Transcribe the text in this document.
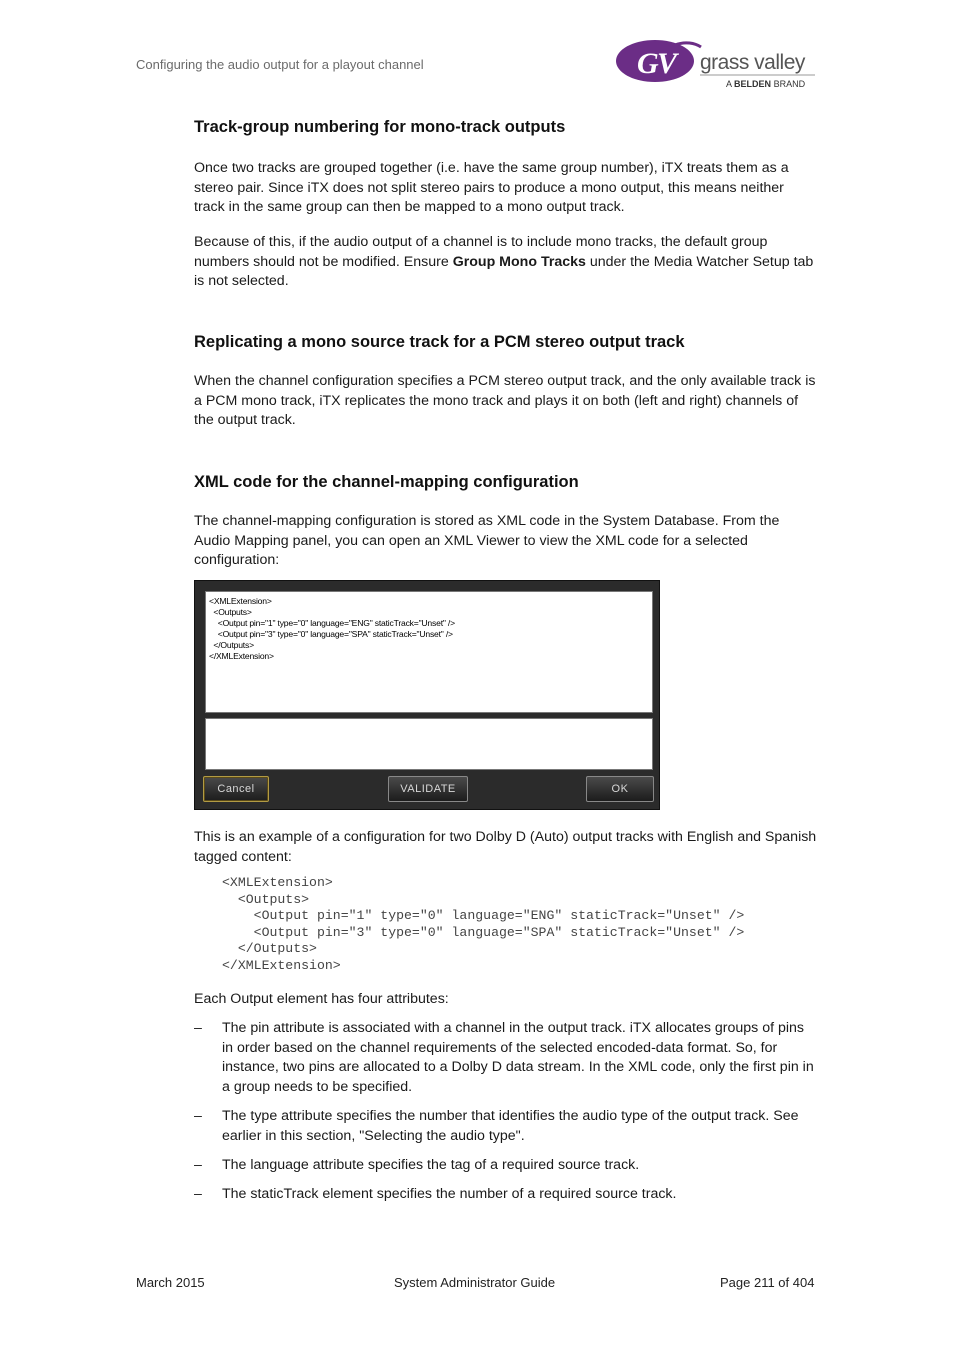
Configuring the audio output for a playout channel	G
V grass valley
A BELDEN BRAND
Track-group numbering for mono-track outputs

Once two tracks are grouped together (i.e. have the same group number), iTX treats them as a stereo pair. Since iTX does not split stereo pairs to produce a mono output, this means neither track in the same group can then be mapped to a mono output track.

Because of this, if the audio output of a channel is to include mono tracks, the default group numbers should not be modified. Ensure Group Mono Tracks under the Media Watcher Setup tab is not selected.

Replicating a mono source track for a PCM stereo output track

When the channel configuration specifies a PCM stereo output track, and the only available track is a PCM mono track, iTX replicates the mono track and plays it on both (left and right) channels of the output track.

XML code for the channel-mapping configuration

The channel-mapping configuration is stored as XML code in the System Database. From the Audio Mapping panel, you can open an XML Viewer to view the XML code for a selected configuration:

<XMLExtension>
<Outputs>
<Output pin="1" type="0" language="ENG" staticTrack="Unset" />
<Output pin="3" type="0" language="SPA" staticTrack="Unset" />
</Outputs>
</XMLExtension>
Cancel	VALIDATE	OK

This is an example of a configuration for two Dolby D (Auto) output tracks with English and Spanish tagged content:

<XMLExtension>
<Outputs>
<Output pin="1" type="0" language="ENG" staticTrack="Unset" />
<Output pin="3" type="0" language="SPA" staticTrack="Unset" />
</Outputs>
</XMLExtension>

Each Output element has four attributes:

– The pin attribute is associated with a channel in the output track. iTX allocates groups of pins in order based on the channel requirements of the selected encoded-data format. So, for instance, two pins are allocated to a Dolby D data stream. In the XML code, only the first pin in a group needs to be specified.
– The type attribute specifies the number that identifies the audio type of the output track. See earlier in this section, "Selecting the audio type".
– The language attribute specifies the tag of a required source track.
– The staticTrack element specifies the number of a required source track.
March 2015	System Administrator Guide	Page 211 of 404
